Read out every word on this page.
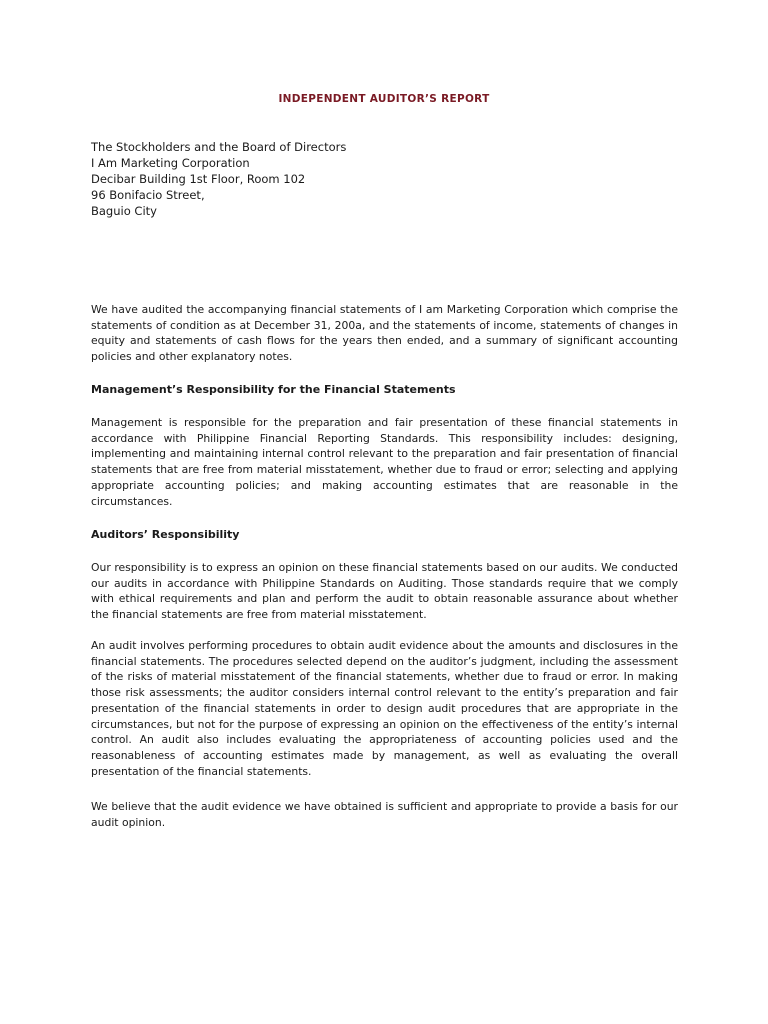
INDEPENDENT AUDITOR’S REPORT
The Stockholders and the Board of Directors
I Am Marketing Corporation
Decibar Building 1st Floor, Room 102
96 Bonifacio Street,
Baguio City

We have audited the accompanying financial statements of I am Marketing Corporation which comprise the statements of condition as at December 31, 200a, and the statements of income, statements of changes in equity and statements of cash flows for the years then ended, and a summary of significant accounting policies and other explanatory notes.

Management’s Responsibility for the Financial Statements

Management is responsible for the preparation and fair presentation of these financial statements in accordance with Philippine Financial Reporting Standards. This responsibility includes: designing, implementing and maintaining internal control relevant to the preparation and fair presentation of financial statements that are free from material misstatement, whether due to fraud or error; selecting and applying appropriate accounting policies; and making accounting estimates that are reasonable in the circumstances.

Auditors’ Responsibility

Our responsibility is to express an opinion on these financial statements based on our audits. We conducted our audits in accordance with Philippine Standards on Auditing. Those standards require that we comply with ethical requirements and plan and perform the audit to obtain reasonable assurance about whether the financial statements are free from material misstatement.

An audit involves performing procedures to obtain audit evidence about the amounts and disclosures in the financial statements. The procedures selected depend on the auditor’s judgment, including the assessment of the risks of material misstatement of the financial statements, whether due to fraud or error. In making those risk assessments; the auditor considers internal control relevant to the entity’s preparation and fair presentation of the financial statements in order to design audit procedures that are appropriate in the circumstances, but not for the purpose of expressing an opinion on the effectiveness of the entity’s internal control. An audit also includes evaluating the appropriateness of accounting policies used and the reasonableness of accounting estimates made by management, as well as evaluating the overall presentation of the financial statements.

We believe that the audit evidence we have obtained is sufficient and appropriate to provide a basis for our audit opinion.
